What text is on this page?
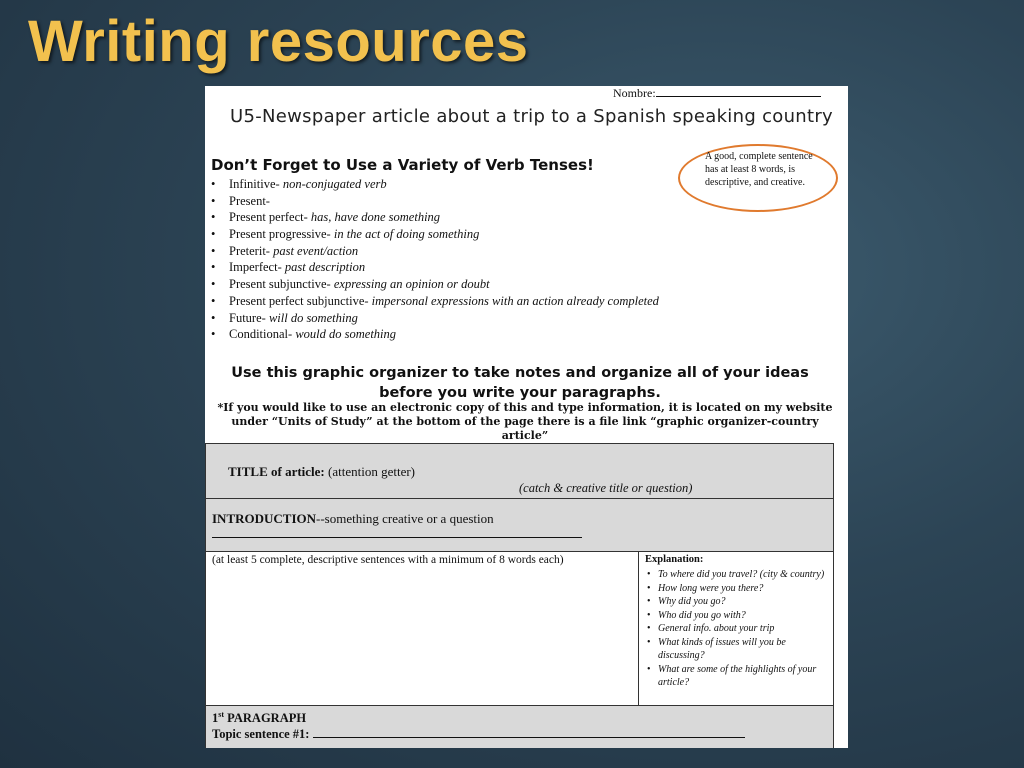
Writing resources
Nombre:
U5-Newspaper article about a trip to a Spanish speaking country
Don’t Forget to Use a Variety of Verb Tenses!
• Infinitive- non-conjugated verb
• Present-
• Present perfect- has, have done something
• Present progressive- in the act of doing something
• Preterit- past event/action
• Imperfect- past description
• Present subjunctive- expressing an opinion or doubt
• Present perfect subjunctive- impersonal expressions with an action already completed
• Future- will do something
• Conditional- would do something
A good, complete sentence has at least 8 words, is descriptive, and creative.
Use this graphic organizer to take notes and organize all of your ideas before you write your paragraphs.
*If you would like to use an electronic copy of this and type information, it is located on my website under “Units of Study” at the bottom of the page there is a file link “graphic organizer-country article”
TITLE of article: (attention getter)
(catch & creative title or question)
INTRODUCTION--something creative or a question
(at least 5 complete, descriptive sentences with a minimum of 8 words each)	Explanation:
• To where did you travel? (city & country)
• How long were you there?
• Why did you go?
• Who did you go with?
• General info. about your trip
• What kinds of issues will you be discussing?
• What are some of the highlights of your article?
1st PARAGRAPH
Topic sentence #1:
